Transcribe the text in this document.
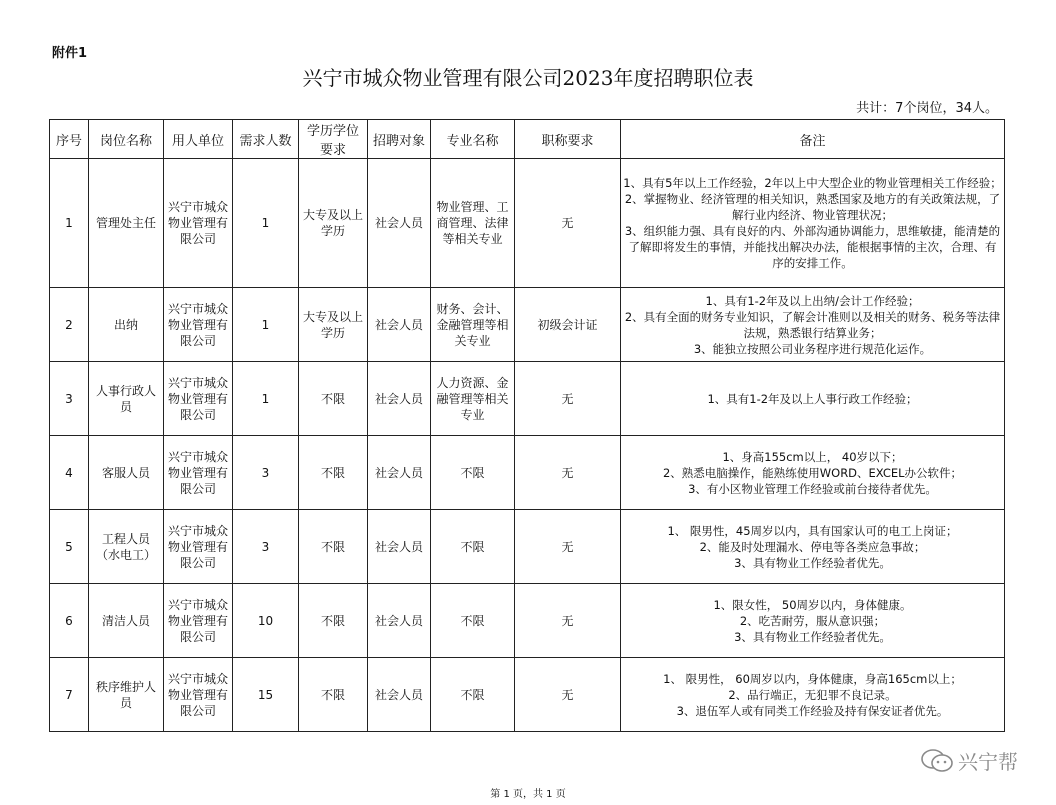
附件1
兴宁市城众物业管理有限公司2023年度招聘职位表
共计：7个岗位，34人。
序号	岗位名称	用人单位	需求人数	学历学位要求	招聘对象	专业名称	职称要求	备注
1	管理处主任	兴宁市城众物业管理有限公司	1	大专及以上学历	社会人员	物业管理、工商管理、法律等相关专业	无	1、具有5年以上工作经验，2年以上中大型企业的物业管理相关工作经验；
2、掌握物业、经济管理的相关知识，熟悉国家及地方的有关政策法规，了解行业内经济、物业管理状况；
3、组织能力强、具有良好的内、外部沟通协调能力，思维敏捷，能清楚的了解即将发生的事情，并能找出解决办法，能根据事情的主次，合理、有序的安排工作。

2	出纳	兴宁市城众物业管理有限公司	1	大专及以上学历	社会人员	财务、会计、金融管理等相关专业	初级会计证	1、具有1-2年及以上出纳/会计工作经验；
2、具有全面的财务专业知识，了解会计准则以及相关的财务、税务等法律法规，熟悉银行结算业务；
3、能独立按照公司业务程序进行规范化运作。

3	人事行政人员	兴宁市城众物业管理有限公司	1	不限	社会人员	人力资源、金融管理等相关专业	无	1、具有1-2年及以上人事行政工作经验；

4	客服人员	兴宁市城众物业管理有限公司	3	不限	社会人员	不限	无	1、身高155cm以上， 40岁以下；
2、熟悉电脑操作，能熟练使用WORD、EXCEL办公软件；
3、有小区物业管理工作经验或前台接待者优先。

5	工程人员（水电工）	兴宁市城众物业管理有限公司	3	不限	社会人员	不限	无	1、 限男性，45周岁以内，具有国家认可的电工上岗证；
2、能及时处理漏水、停电等各类应急事故；
3、具有物业工作经验者优先。

6	清洁人员	兴宁市城众物业管理有限公司	10	不限	社会人员	不限	无	1、限女性， 50周岁以内，身体健康。
2、吃苦耐劳，服从意识强；
3、具有物业工作经验者优先。

7	秩序维护人员	兴宁市城众物业管理有限公司	15	不限	社会人员	不限	无	1、 限男性， 60周岁以内，身体健康，身高165cm以上；
2、品行端正，无犯罪不良记录。
3、退伍军人或有同类工作经验及持有保安证者优先。
兴宁帮
第 1 页，共 1 页
